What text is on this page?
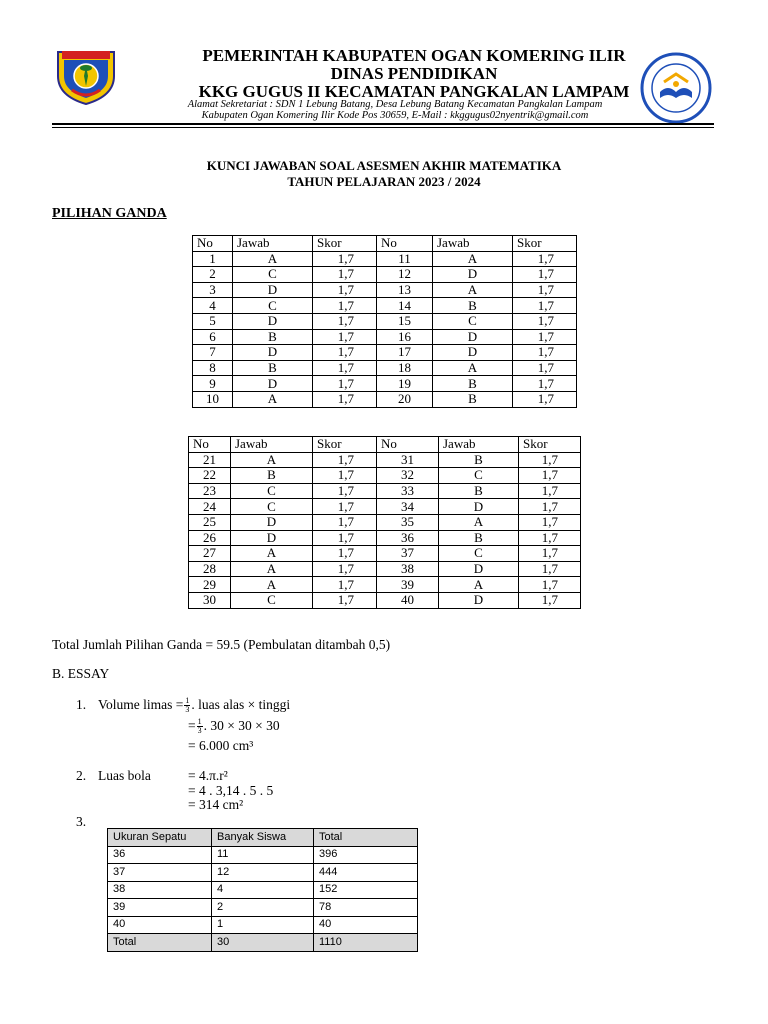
PEMERINTAH KABUPATEN OGAN KOMERING ILIR
DINAS PENDIDIKAN
KKG GUGUS II KECAMATAN PANGKALAN LAMPAM
Alamat Sekretariat : SDN 1 Lebung Batang, Desa Lebung Batang Kecamatan Pangkalan Lampam
Kabupaten Ogan Komering Ilir Kode Pos 30659, E-Mail : kkggugus02nyentrik@gmail.com
KUNCI JAWABAN SOAL ASESMEN AKHIR MATEMATIKA
TAHUN PELAJARAN 2023 / 2024
PILIHAN GANDA
No	Jawab	Skor	No	Jawab	Skor
1	A	1,7	11	A	1,7
2	C	1,7	12	D	1,7
3	D	1,7	13	A	1,7
4	C	1,7	14	B	1,7
5	D	1,7	15	C	1,7
6	B	1,7	16	D	1,7
7	D	1,7	17	D	1,7
8	B	1,7	18	A	1,7
9	D	1,7	19	B	1,7
10	A	1,7	20	B	1,7
No	Jawab	Skor	No	Jawab	Skor
21	A	1,7	31	B	1,7
22	B	1,7	32	C	1,7
23	C	1,7	33	B	1,7
24	C	1,7	34	D	1,7
25	D	1,7	35	A	1,7
26	D	1,7	36	B	1,7
27	A	1,7	37	C	1,7
28	A	1,7	38	D	1,7
29	A	1,7	39	A	1,7
30	C	1,7	40	D	1,7
Total Jumlah Pilihan Ganda = 59.5 (Pembulatan ditambah 0,5)
B. ESSAY
1. Volume limas = $\frac{1}{3}$ . luas alas × tinggi
= $\frac{1}{3}$ . 30 × 30 × 30
= 6.000 cm³
2. Luas bola	= 4.π.r²
= 4 . 3,14 . 5 . 5
= 314 cm²
3.
Ukuran Sepatu	Banyak Siswa	Total
36	11	396
37	12	444
38	4	152
39	2	78
40	1	40
Total	30	1110
